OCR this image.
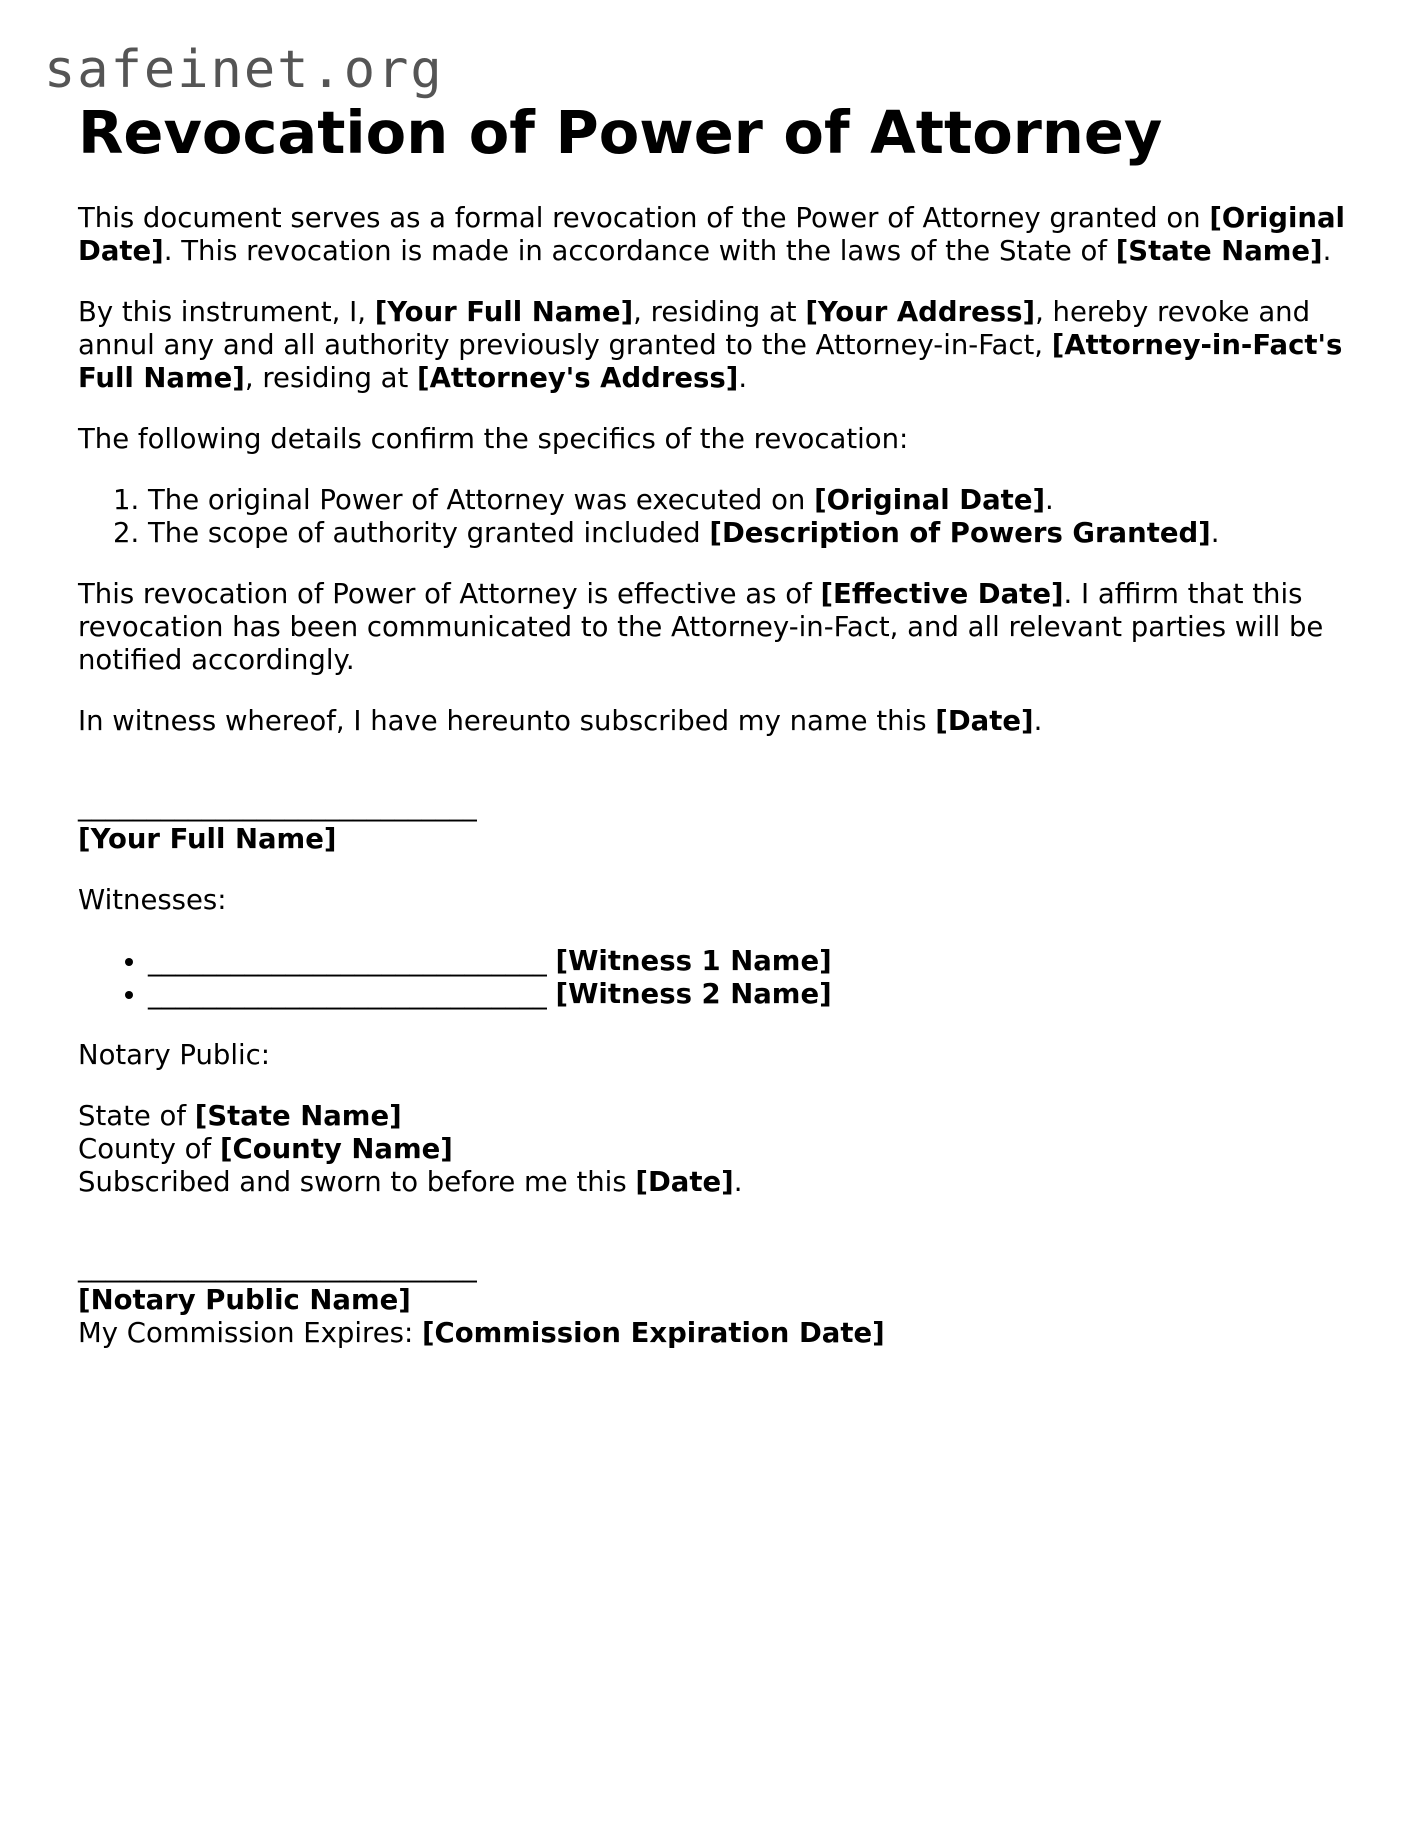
safeinet.org
Revocation of Power of Attorney

This document serves as a formal revocation of the Power of Attorney granted on [Original Date]. This revocation is made in accordance with the laws of the State of [State Name].

By this instrument, I, [Your Full Name], residing at [Your Address], hereby revoke and annul any and all authority previously granted to the Attorney-in-Fact, [Attorney-in-Fact's Full Name], residing at [Attorney's Address].

The following details confirm the specifics of the revocation:

1. The original Power of Attorney was executed on [Original Date].
2. The scope of authority granted included [Description of Powers Granted].

This revocation of Power of Attorney is effective as of [Effective Date]. I affirm that this revocation has been communicated to the Attorney-in-Fact, and all relevant parties will be notified accordingly.

In witness whereof, I have hereunto subscribed my name this [Date].

_____________________________
[Your Full Name]

Witnesses:

• _____________________________ [Witness 1 Name]
• _____________________________ [Witness 2 Name]

Notary Public:

State of [State Name]
County of [County Name]
Subscribed and sworn to before me this [Date].

_____________________________
[Notary Public Name]
My Commission Expires: [Commission Expiration Date]
